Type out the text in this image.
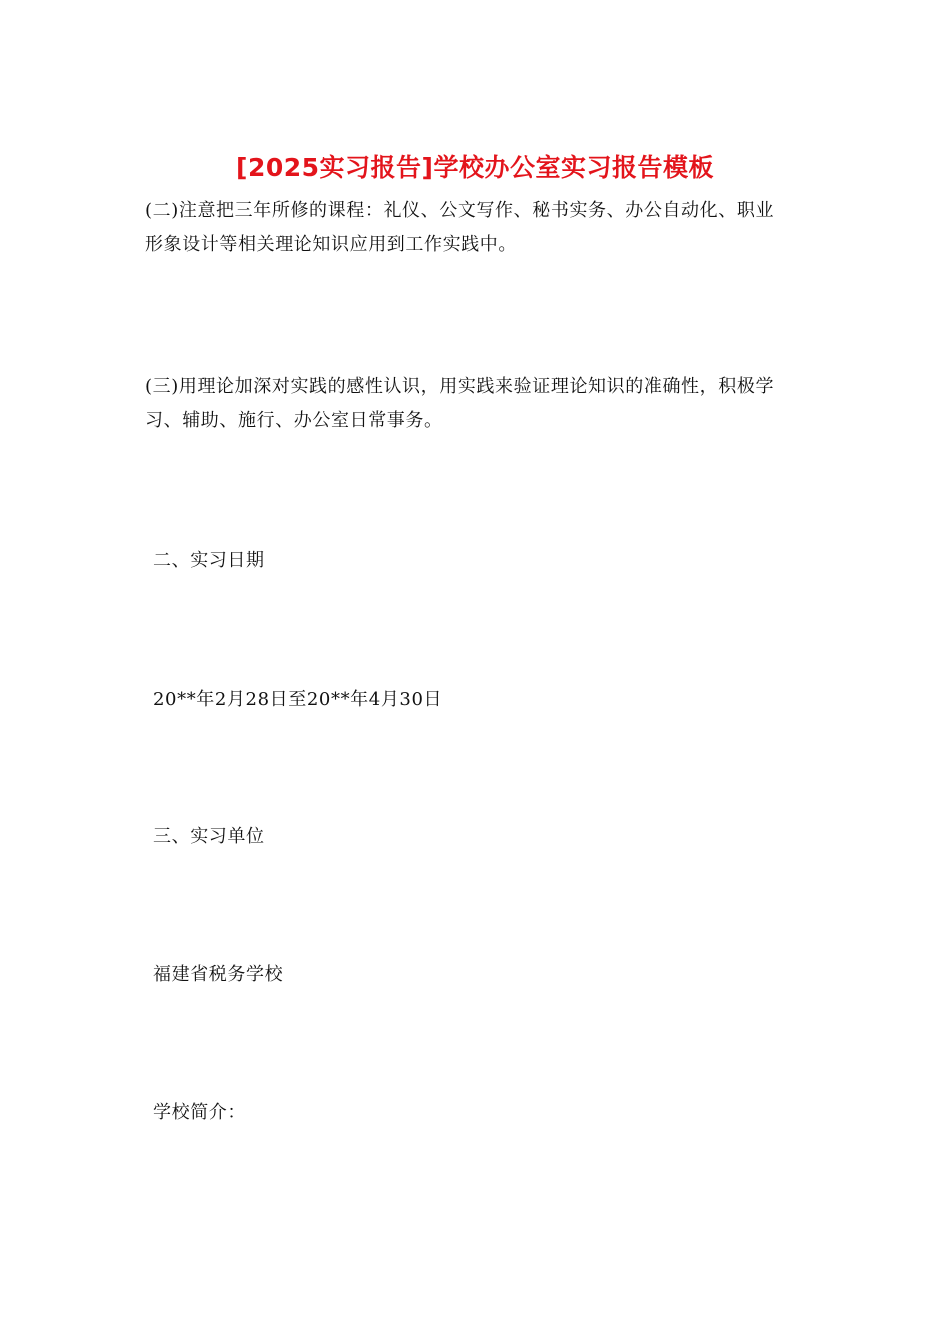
[2025实习报告]学校办公室实习报告模板
(二)注意把三年所修的课程：礼仪、公文写作、秘书实务、办公自动化、职业
形象设计等相关理论知识应用到工作实践中。
(三)用理论加深对实践的感性认识，用实践来验证理论知识的准确性，积极学
习、辅助、施行、办公室日常事务。
二、实习日期
20**年2月28日至20**年4月30日
三、实习单位
福建省税务学校
学校简介：
